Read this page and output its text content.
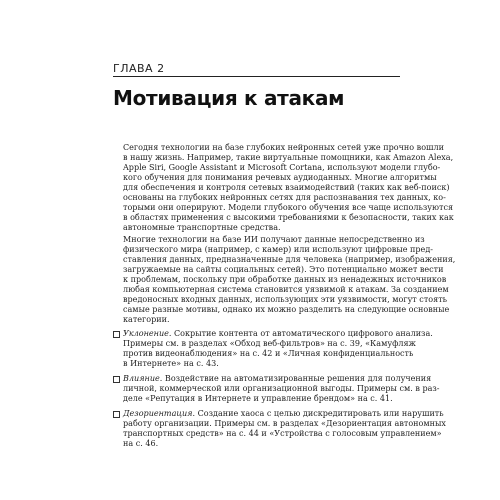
ГЛАВА 2
Мотивация к атакам

Сегодня технологии на базе глубоких нейронных сетей уже прочно вошли
в нашу жизнь. Например, такие виртуальные помощники, как Amazon Alexa,
Apple Siri, Google Assistant и Microsoft Cortana, используют модели глубо-
кого обучения для понимания речевых аудиоданных. Многие алгоритмы
для обеспечения и контроля сетевых взаимодействий (таких как веб-поиск)
основаны на глубоких нейронных сетях для распознавания тех данных, ко-
торыми они оперируют. Модели глубокого обучения все чаще используются
в областях применения с высокими требованиями к безопасности, таких как
автономные транспортные средства.

Многие технологии на базе ИИ получают данные непосредственно из
физического мира (например, с камер) или используют цифровые пред-
ставления данных, предназначенные для человека (например, изображения,
загружаемые на сайты социальных сетей). Это потенциально может вести
к проблемам, поскольку при обработке данных из ненадежных источников
любая компьютерная система становится уязвимой к атакам. За созданием
вредоносных входных данных, использующих эти уязвимости, могут стоять
самые разные мотивы, однако их можно разделить на следующие основные
категории.

Уклонение. Сокрытие контента от автоматического цифрового анализа.
Примеры см. в разделах «Обход веб-фильтров» на с. 39, «Камуфляж
против видеонаблюдения» на с. 42 и «Личная конфиденциальность
в Интернете» на с. 43.
Влияние. Воздействие на автоматизированные решения для получения
личной, коммерческой или организационной выгоды. Примеры см. в раз-
деле «Репутация в Интернете и управление брендом» на с. 41.
Дезориентация. Создание хаоса с целью дискредитировать или нарушить
работу организации. Примеры см. в разделах «Дезориентация автономных
транспортных средств» на с. 44 и «Устройства с голосовым управлением»
на с. 46.
